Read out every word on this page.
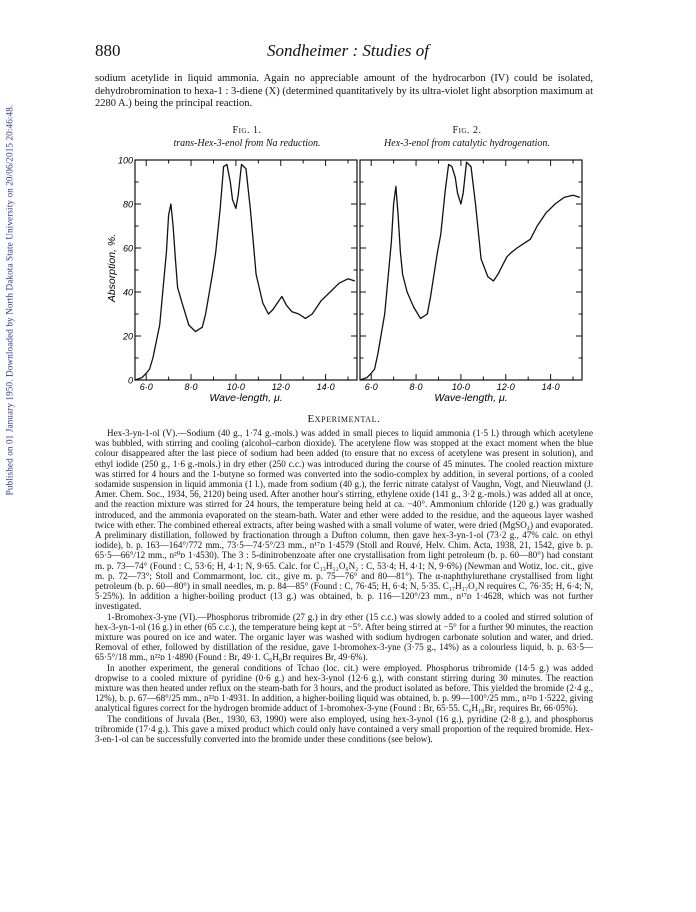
Published on 01 January 1950. Downloaded by North Dakota State University on 20/06/2015 20:46:48.
880	Sondheimer : Studies of

sodium acetylide in liquid ammonia. Again no appreciable amount of the hydrocarbon (IV) could be isolated, dehydrobromination to hexa-1 : 3-diene (X) (determined quantitatively by its ultra-violet light absorption maximum at 2280 A.) being the principal reaction.

Fig. 1.
trans-Hex-3-enol from Na reduction.
Fig. 2.
Hex-3-enol from catalytic hydrogenation.
0
20
40
60
80
100
6·0	8·0	10·0	12·0	14·0
Wave-length, μ.
Absorption, %.
6·0	8·0	10·0	12·0	14·0
Wave-length, μ.
Experimental.

Hex-3-yn-1-ol (V).—Sodium (40 g., 1·74 g.-mols.) was added in small pieces to liquid ammonia (1·5 l.) through which acetylene was bubbled, with stirring and cooling (alcohol–carbon dioxide). The acetylene flow was stopped at the exact moment when the blue colour disappeared after the last piece of sodium had been added (to ensure that no excess of acetylene was present in solution), and ethyl iodide (250 g., 1·6 g.-mols.) in dry ether (250 c.c.) was introduced during the course of 45 minutes. The cooled reaction mixture was stirred for 4 hours and the 1-butyne so formed was converted into the sodio-complex by addition, in several portions, of a cooled sodamide suspension in liquid ammonia (1 l.), made from sodium (40 g.), the ferric nitrate catalyst of Vaughn, Vogt, and Nieuwland (J. Amer. Chem. Soc., 1934, 56, 2120) being used. After another hour's stirring, ethylene oxide (141 g., 3·2 g.-mols.) was added all at once, and the reaction mixture was stirred for 24 hours, the temperature being held at ca. −40°. Ammonium chloride (120 g.) was gradually introduced, and the ammonia evaporated on the steam-bath. Water and ether were added to the residue, and the aqueous layer washed twice with ether. The combined ethereal extracts, after being washed with a small volume of water, were dried (MgSO₄) and evaporated. A preliminary distillation, followed by fractionation through a Dufton column, then gave hex-3-yn-1-ol (73·2 g., 47% calc. on ethyl iodide), b. p. 163—164°/772 mm., 73·5—74·5°/23 mm., n¹⁷ᴅ 1·4579 (Stoll and Rouvé, Helv. Chim. Acta, 1938, 21, 1542, give b. p. 65·5—66°/12 mm., n²⁰ᴅ 1·4530). The 3 : 5-dinitrobenzoate after one crystallisation from light petroleum (b. p. 60—80°) had constant m. p. 73—74° (Found : C, 53·6; H, 4·1; N, 9·65. Calc. for C₁₃H₁₂O₆N₂ : C, 53·4; H, 4·1; N, 9·6%) (Newman and Wotiz, loc. cit., give m. p. 72—73°; Stoll and Commarmont, loc. cit., give m. p. 75—76° and 80—81°). The α-naphthylurethane crystallised from light petroleum (b. p. 60—80°) in small needles, m. p. 84—85° (Found : C, 76·45; H, 6·4; N, 5·35. C₁₇H₁₇O₂N requires C, 76·35; H, 6·4; N, 5·25%). In addition a higher-boiling product (13 g.) was obtained, b. p. 116—120°/23 mm., n¹⁷ᴅ 1·4628, which was not further investigated.

1-Bromohex-3-yne (VI).—Phosphorus tribromide (27 g.) in dry ether (15 c.c.) was slowly added to a cooled and stirred solution of hex-3-yn-1-ol (16 g.) in ether (65 c.c.), the temperature being kept at −5°. After being stirred at −5° for a further 90 minutes, the reaction mixture was poured on ice and water. The organic layer was washed with sodium hydrogen carbonate solution and water, and dried. Removal of ether, followed by distillation of the residue, gave 1-bromohex-3-yne (3·75 g., 14%) as a colourless liquid, b. p. 63·5—65·5°/18 mm., n²²ᴅ 1·4890 (Found : Br, 49·1. C₆H₉Br requires Br, 49·6%).

In another experiment, the general conditions of Tchao (loc. cit.) were employed. Phosphorus tribromide (14·5 g.) was added dropwise to a cooled mixture of pyridine (0·6 g.) and hex-3-ynol (12·6 g.), with constant stirring during 30 minutes. The reaction mixture was then heated under reflux on the steam-bath for 3 hours, and the product isolated as before. This yielded the bromide (2·4 g., 12%), b. p. 67—68°/25 mm., n²²ᴅ 1·4931. In addition, a higher-boiling liquid was obtained, b. p. 99—100°/25 mm., n²²ᴅ 1·5222, giving analytical figures correct for the hydrogen bromide adduct of 1-bromohex-3-yne (Found : Br, 65·55. C₆H₁₀Br₂ requires Br, 66·05%).

The conditions of Juvala (Ber., 1930, 63, 1990) were also employed, using hex-3-ynol (16 g.), pyridine (2·8 g.), and phosphorus tribromide (17·4 g.). This gave a mixed product which could only have contained a very small proportion of the required bromide. Hex-3-en-1-ol can be successfully converted into the bromide under these conditions (see below).
